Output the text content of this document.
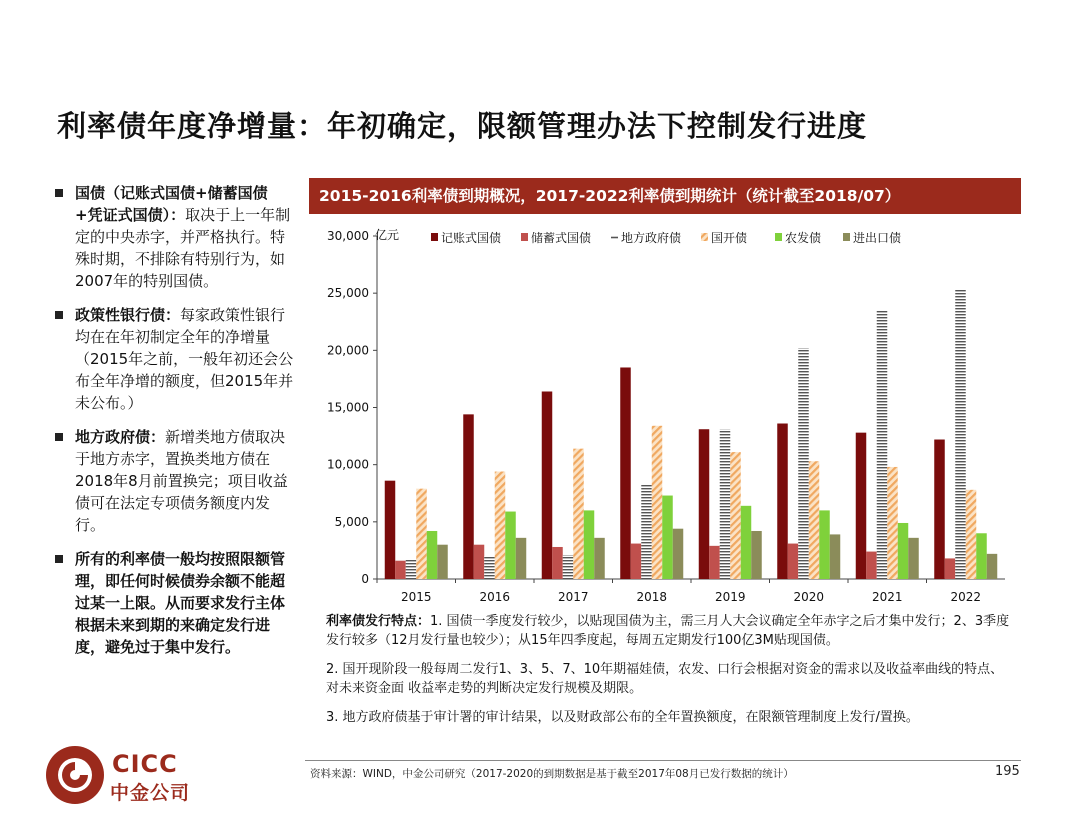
利率债年度净增量：年初确定，限额管理办法下控制发行进度
国债（记账式国债+储蓄国债+凭证式国债）：取决于上一年制定的中央赤字，并严格执行。特殊时期，不排除有特别行为，如2007年的特别国债。
政策性银行债：每家政策性银行均在在年初制定全年的净增量（2015年之前，一般年初还会公布全年净增的额度，但2015年并未公布。）
地方政府债：新增类地方债取决于地方赤字，置换类地方债在2018年8月前置换完；项目收益债可在法定专项债务额度内发行。
所有的利率债一般均按照限额管理，即任何时候债券余额不能超过某一上限。从而要求发行主体根据未来到期的来确定发行进度，避免过于集中发行。
2015-2016利率债到期概况，2017-2022利率债到期统计（统计截至2018/07）
0
5,000
10,000
15,000
20,000
25,000
30,000
2015	2016	2017	2018	2019	2020	2021	2022
记账式国债 储蓄式国债 地方政府债 国开债	农发债	进出口债
亿元

利率债发行特点：1. 国债一季度发行较少，以贴现国债为主，需三月人大会议确定全年赤字之后才集中发行；2、3季度发行较多（12月发行量也较少）；从15年四季度起，每周五定期发行100亿3M贴现国债。

2. 国开现阶段一般每周二发行1、3、5、7、10年期福娃债，农发、口行会根据对资金的需求以及收益率曲线的特点、对未来资金面 收益率走势的判断决定发行规模及期限。

3. 地方政府债基于审计署的审计结果，以及财政部公布的全年置换额度，在限额管理制度上发行/置换。

资料来源：WIND，中金公司研究（2017-2020的到期数据是基于截至2017年08月已发行数据的统计）	195
CICC
中金公司
